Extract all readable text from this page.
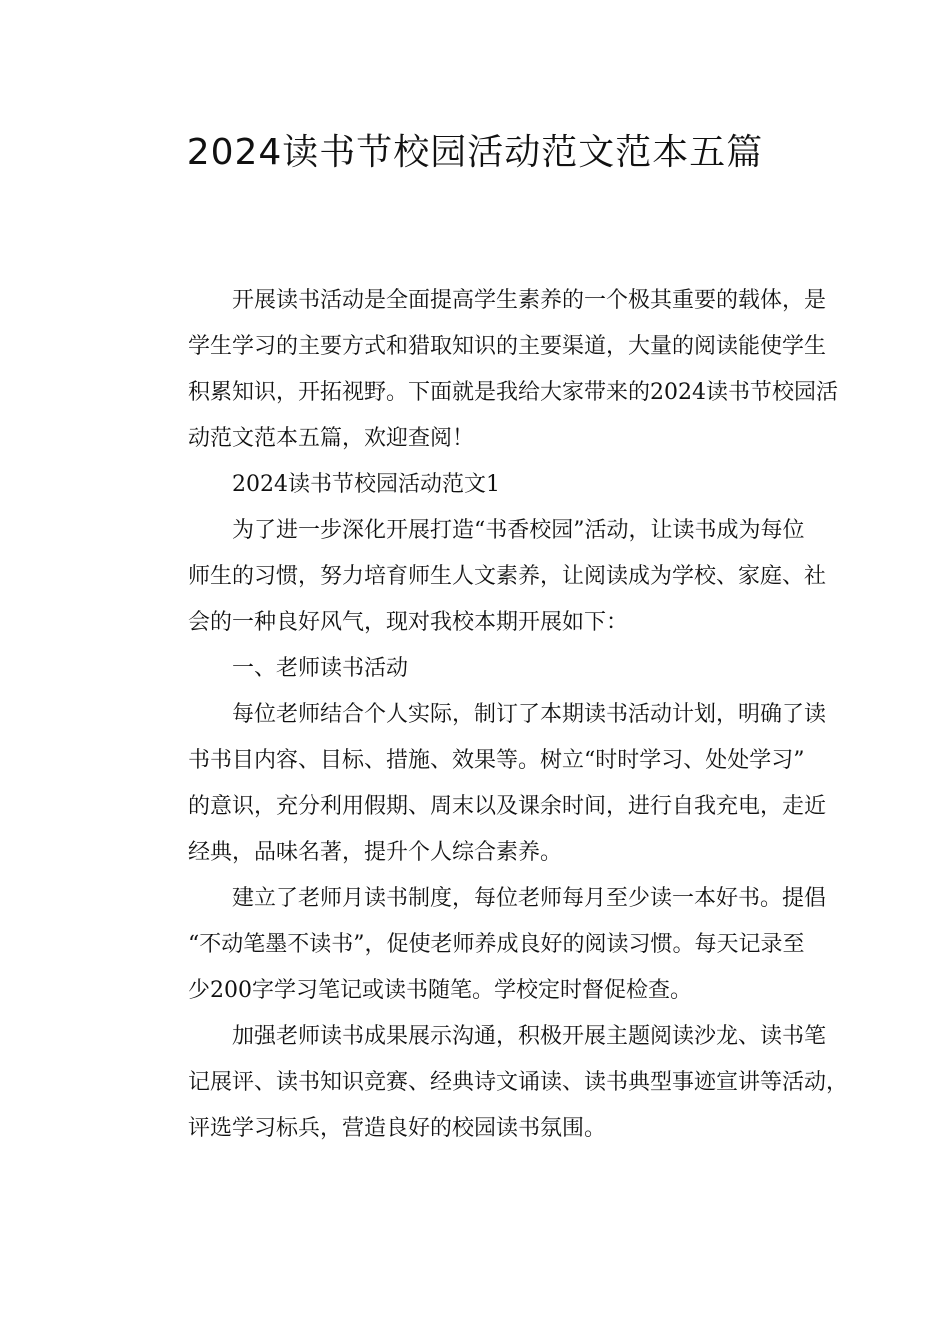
2024读书节校园活动范文范本五篇

开展读书活动是全面提高学生素养的一个极其重要的载体，是
学生学习的主要方式和猎取知识的主要渠道，大量的阅读能使学生
积累知识，开拓视野。下面就是我给大家带来的2024读书节校园活
动范文范本五篇，欢迎查阅！

2024读书节校园活动范文1

为了进一步深化开展打造“书香校园”活动，让读书成为每位
师生的习惯，努力培育师生人文素养，让阅读成为学校、家庭、社
会的一种良好风气，现对我校本期开展如下：

一、老师读书活动

每位老师结合个人实际，制订了本期读书活动计划，明确了读
书书目内容、目标、措施、效果等。树立“时时学习、处处学习”
的意识，充分利用假期、周末以及课余时间，进行自我充电，走近
经典，品味名著，提升个人综合素养。

建立了老师月读书制度，每位老师每月至少读一本好书。提倡
“不动笔墨不读书”，促使老师养成良好的阅读习惯。每天记录至
少200字学习笔记或读书随笔。学校定时督促检查。

加强老师读书成果展示沟通，积极开展主题阅读沙龙、读书笔
记展评、读书知识竞赛、经典诗文诵读、读书典型事迹宣讲等活动，
评选学习标兵，营造良好的校园读书氛围。
